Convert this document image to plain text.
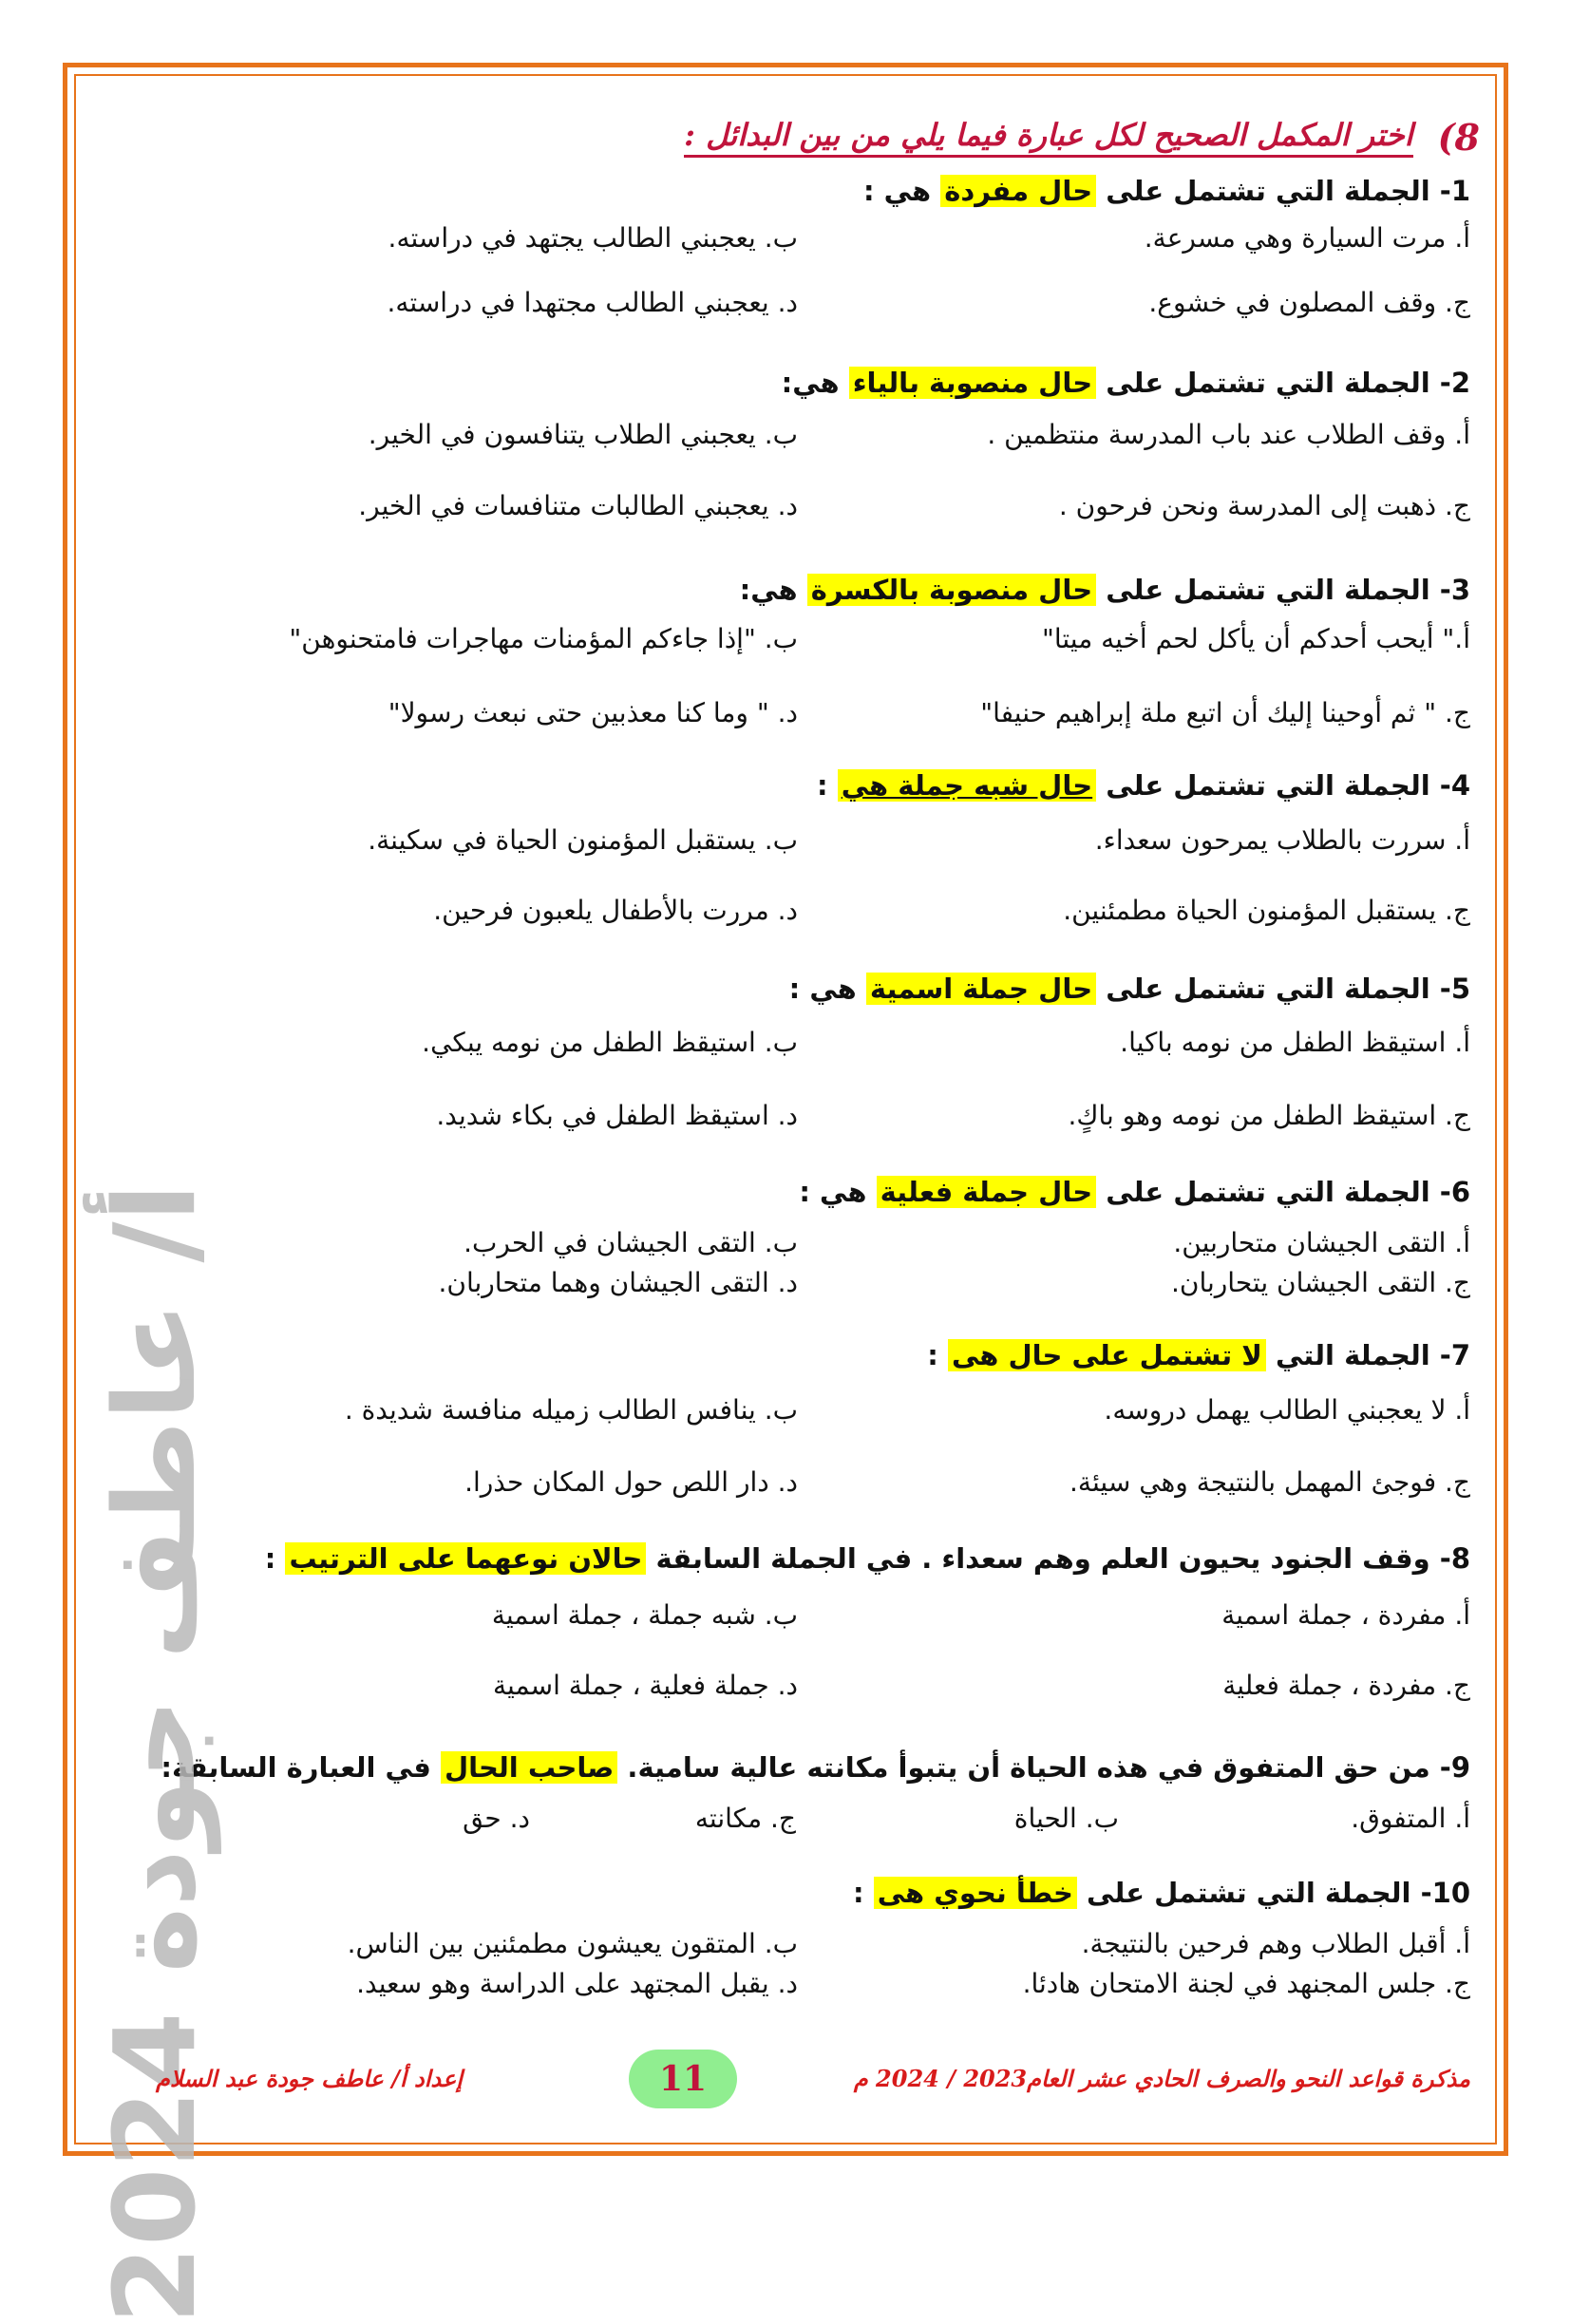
8)
اختر المكمل الصحيح لكل عبارة فيما يلي من بين البدائل :
1- الجملة التي تشتمل على حال مفردة هي :
أ. مرت السيارة وهي مسرعة.
ب. يعجبني الطالب يجتهد في دراسته.
ج. وقف المصلون في خشوع.
د. يعجبني الطالب مجتهدا في دراسته.
2- الجملة التي تشتمل على حال منصوبة بالياء هي:
أ. وقف الطلاب عند باب المدرسة منتظمين .
ب. يعجبني الطلاب يتنافسون في الخير.
ج. ذهبت إلى المدرسة ونحن فرحون .
د. يعجبني الطالبات متنافسات في الخير.
3- الجملة التي تشتمل على حال منصوبة بالكسرة هي:
أ." أيحب أحدكم أن يأكل لحم أخيه ميتا"
ب. "إذا جاءكم المؤمنات مهاجرات فامتحنوهن"
ج. " ثم أوحينا إليك أن اتبع ملة إبراهيم حنيفا"
د. " وما كنا معذبين حتى نبعث رسولا"
4- الجملة التي تشتمل على حال شبه جملة هي :
أ. سررت بالطلاب يمرحون سعداء.
ب. يستقبل المؤمنون الحياة في سكينة.
ج. يستقبل المؤمنون الحياة مطمئنين.
د. مررت بالأطفال يلعبون فرحين.
5- الجملة التي تشتمل على حال جملة اسمية هي :
أ. استيقظ الطفل من نومه باكيا.
ب. استيقظ الطفل من نومه يبكي.
ج. استيقظ الطفل من نومه وهو باكٍ.
د. استيقظ الطفل في بكاء شديد.
6- الجملة التي تشتمل على حال جملة فعلية هي :
أ. التقى الجيشان متحاربين.
ب. التقى الجيشان في الحرب.
ج. التقى الجيشان يتحاربان.
د. التقى الجيشان وهما متحاربان.
7- الجملة التي لا تشتمل على حال هى :
أ. لا يعجبني الطالب يهمل دروسه.
ب. ينافس الطالب زميله منافسة شديدة .
ج. فوجئ المهمل بالنتيجة وهي سيئة.
د. دار اللص حول المكان حذرا.
8- وقف الجنود يحيون العلم وهم سعداء . في الجملة السابقة حالان نوعهما على الترتيب :
أ. مفردة ، جملة اسمية
ب. شبه جملة ، جملة اسمية
ج. مفردة ، جملة فعلية
د. جملة فعلية ، جملة اسمية
9- من حق المتفوق في هذه الحياة أن يتبوأ مكانته عالية سامية. صاحب الحال في العبارة السابقة:
أ. المتفوق.
ب. الحياة
ج. مكانته
د. حق
10- الجملة التي تشتمل على خطأ نحوي هى :
أ. أقبل الطلاب وهم فرحين بالنتيجة.
ب. المتقون يعيشون مطمئنين بين الناس.
ج. جلس المجنهد في لجنة الامتحان هادئا.
د. يقبل المجتهد على الدراسة وهو سعيد.
أ/ عاطف جودة 2024
مذكرة قواعد النحو والصرف الحادي عشر العام2023 / 2024 م
11
إعداد أ/ عاطف جودة عبد السلام
